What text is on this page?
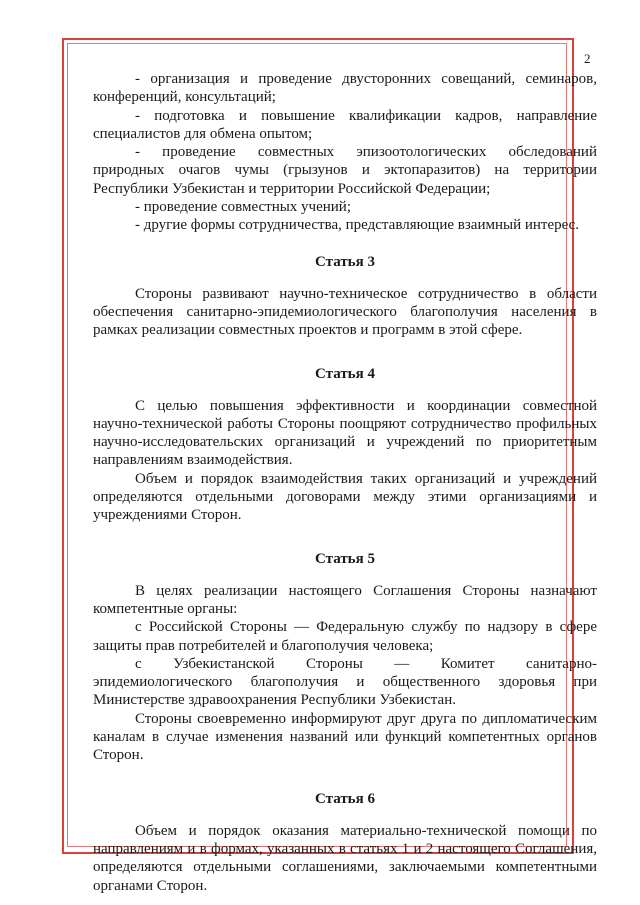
2

- организация и проведение двусторонних совещаний, семинаров, конференций, консультаций;

- подготовка и повышение квалификации кадров, направление специалистов для обмена опытом;

- проведение совместных эпизоотологических обследований природных очагов чумы (грызунов и эктопаразитов) на территории Республики Узбекистан и территории Российской Федерации;

- проведение совместных учений;

- другие формы сотрудничества, представляющие взаимный интерес.

Статья 3

Стороны развивают научно-техническое сотрудничество в области обеспечения санитарно-эпидемиологического благополучия населения в рамках реализации совместных проектов и программ в этой сфере.

Статья 4

С целью повышения эффективности и координации совместной научно-технической работы Стороны поощряют сотрудничество профильных научно-исследовательских организаций и учреждений по приоритетным направлениям взаимодействия.

Объем и порядок взаимодействия таких организаций и учреждений определяются отдельными договорами между этими организациями и учреждениями Сторон.

Статья 5

В целях реализации настоящего Соглашения Стороны назначают компетентные органы:

с Российской Стороны — Федеральную службу по надзору в сфере защиты прав потребителей и благополучия человека;

с Узбекистанской Стороны — Комитет санитарно-эпидемиологического благополучия и общественного здоровья при Министерстве здравоохранения Республики Узбекистан.

Стороны своевременно информируют друг друга по дипломатическим каналам в случае изменения названий или функций компетентных органов Сторон.

Статья 6

Объем и порядок оказания материально-технической помощи по направлениям и в формах, указанных в статьях 1 и 2 настоящего Соглашения, определяются отдельными соглашениями, заключаемыми компетентными органами Сторон.
